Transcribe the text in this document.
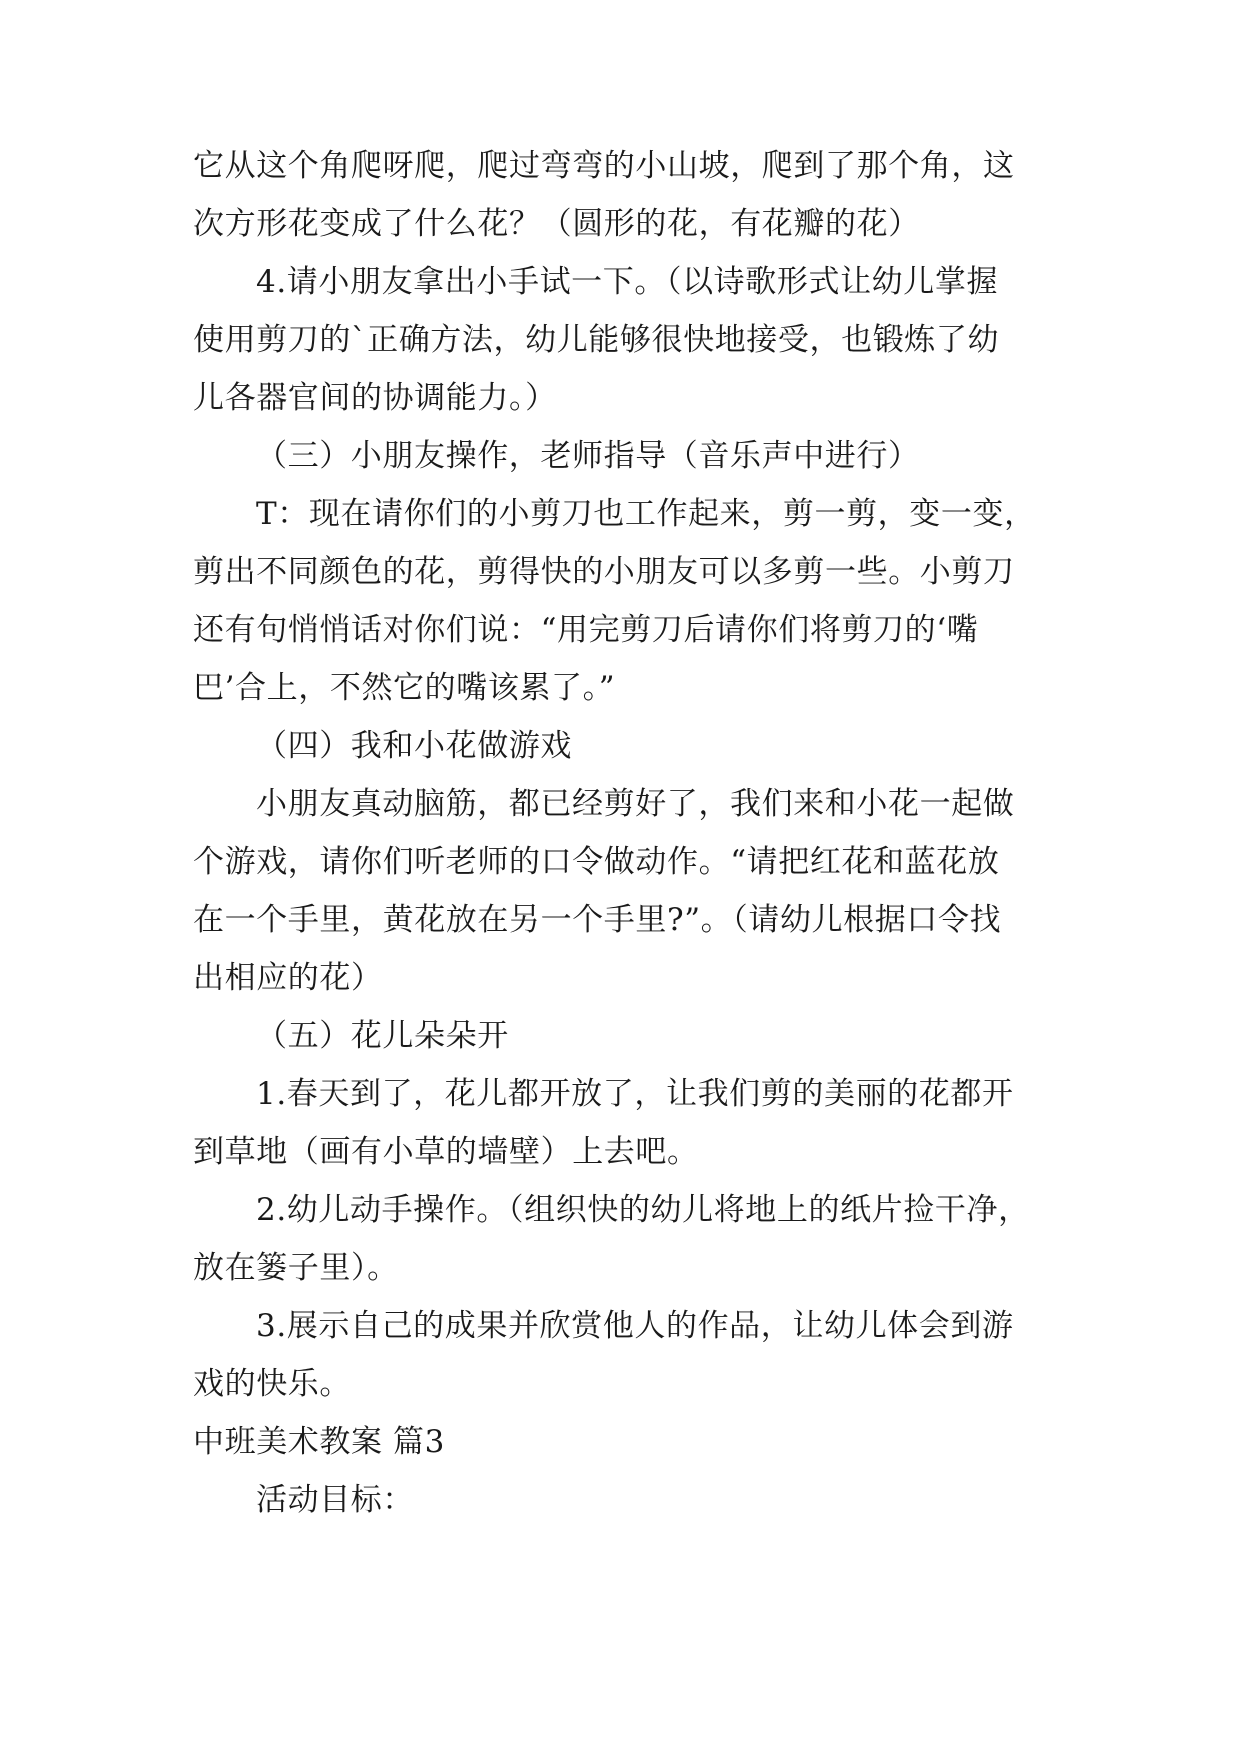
它从这个角爬呀爬，爬过弯弯的小山坡，爬到了那个角，这
次方形花变成了什么花？（圆形的花，有花瓣的花）
4.请小朋友拿出小手试一下。（以诗歌形式让幼儿掌握
使用剪刀的`正确方法，幼儿能够很快地接受，也锻炼了幼
儿各器官间的协调能力。）
（三）小朋友操作，老师指导（音乐声中进行）
T：现在请你们的小剪刀也工作起来，剪一剪，变一变，
剪出不同颜色的花，剪得快的小朋友可以多剪一些。小剪刀
还有句悄悄话对你们说：“用完剪刀后请你们将剪刀的‘嘴
巴’合上，不然它的嘴该累了。”
（四）我和小花做游戏
小朋友真动脑筋，都已经剪好了，我们来和小花一起做
个游戏，请你们听老师的口令做动作。“请把红花和蓝花放
在一个手里，黄花放在另一个手里?”。（请幼儿根据口令找
出相应的花）
（五）花儿朵朵开
1.春天到了，花儿都开放了，让我们剪的美丽的花都开
到草地（画有小草的墙壁）上去吧。
2.幼儿动手操作。（组织快的幼儿将地上的纸片捡干净，
放在篓子里）。
3.展示自己的成果并欣赏他人的作品，让幼儿体会到游
戏的快乐。
中班美术教案 篇3
活动目标：
